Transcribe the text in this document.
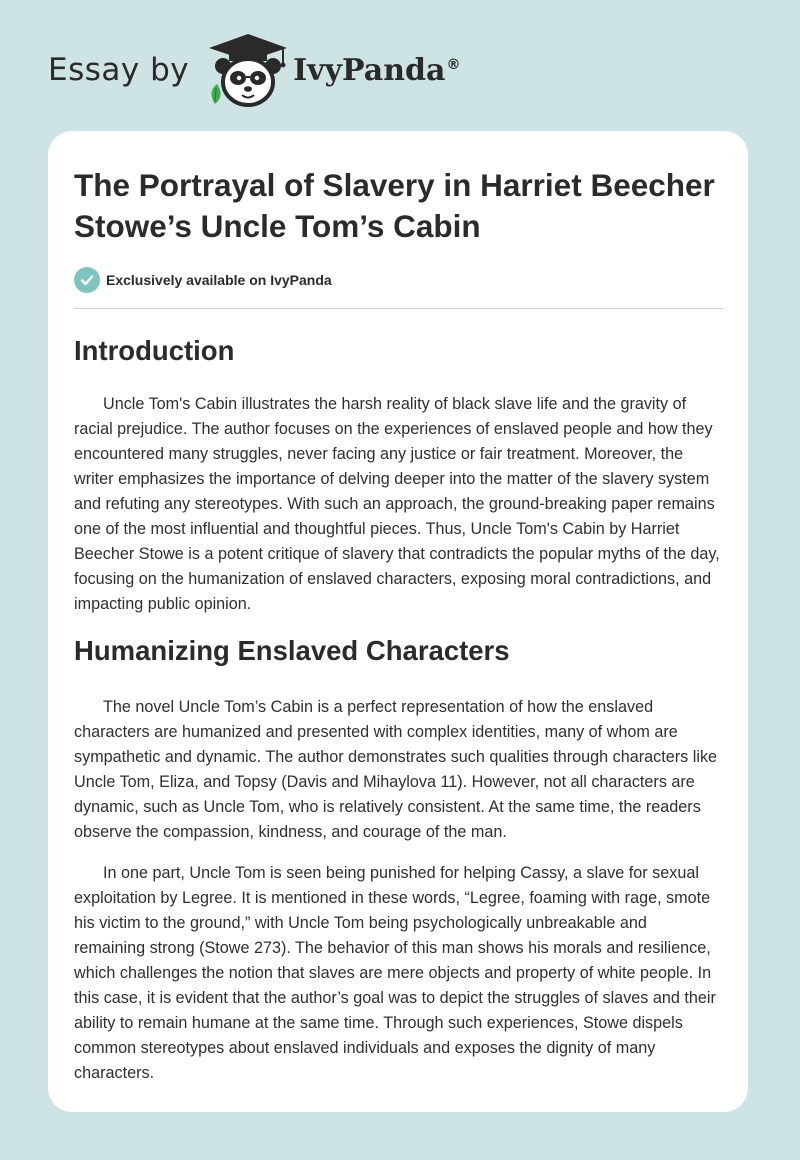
Essay by	IvyPanda®
The Portrayal of Slavery in Harriet Beecher Stowe’s Uncle Tom’s Cabin
Exclusively available on IvyPanda
Introduction

Uncle Tom's Cabin illustrates the harsh reality of black slave life and the gravity of racial prejudice. The author focuses on the experiences of enslaved people and how they encountered many struggles, never facing any justice or fair treatment. Moreover, the writer emphasizes the importance of delving deeper into the matter of the slavery system and refuting any stereotypes. With such an approach, the ground-breaking paper remains one of the most influential and thoughtful pieces. Thus, Uncle Tom's Cabin by Harriet Beecher Stowe is a potent critique of slavery that contradicts the popular myths of the day, focusing on the humanization of enslaved characters, exposing moral contradictions, and impacting public opinion.

Humanizing Enslaved Characters

The novel Uncle Tom’s Cabin is a perfect representation of how the enslaved characters are humanized and presented with complex identities, many of whom are sympathetic and dynamic. The author demonstrates such qualities through characters like Uncle Tom, Eliza, and Topsy (Davis and Mihaylova 11). However, not all characters are dynamic, such as Uncle Tom, who is relatively consistent. At the same time, the readers observe the compassion, kindness, and courage of the man.

In one part, Uncle Tom is seen being punished for helping Cassy, a slave for sexual exploitation by Legree. It is mentioned in these words, “Legree, foaming with rage, smote his victim to the ground,” with Uncle Tom being psychologically unbreakable and remaining strong (Stowe 273). The behavior of this man shows his morals and resilience, which challenges the notion that slaves are mere objects and property of white people. In this case, it is evident that the author’s goal was to depict the struggles of slaves and their ability to remain humane at the same time. Through such experiences, Stowe dispels common stereotypes about enslaved individuals and exposes the dignity of many characters.
